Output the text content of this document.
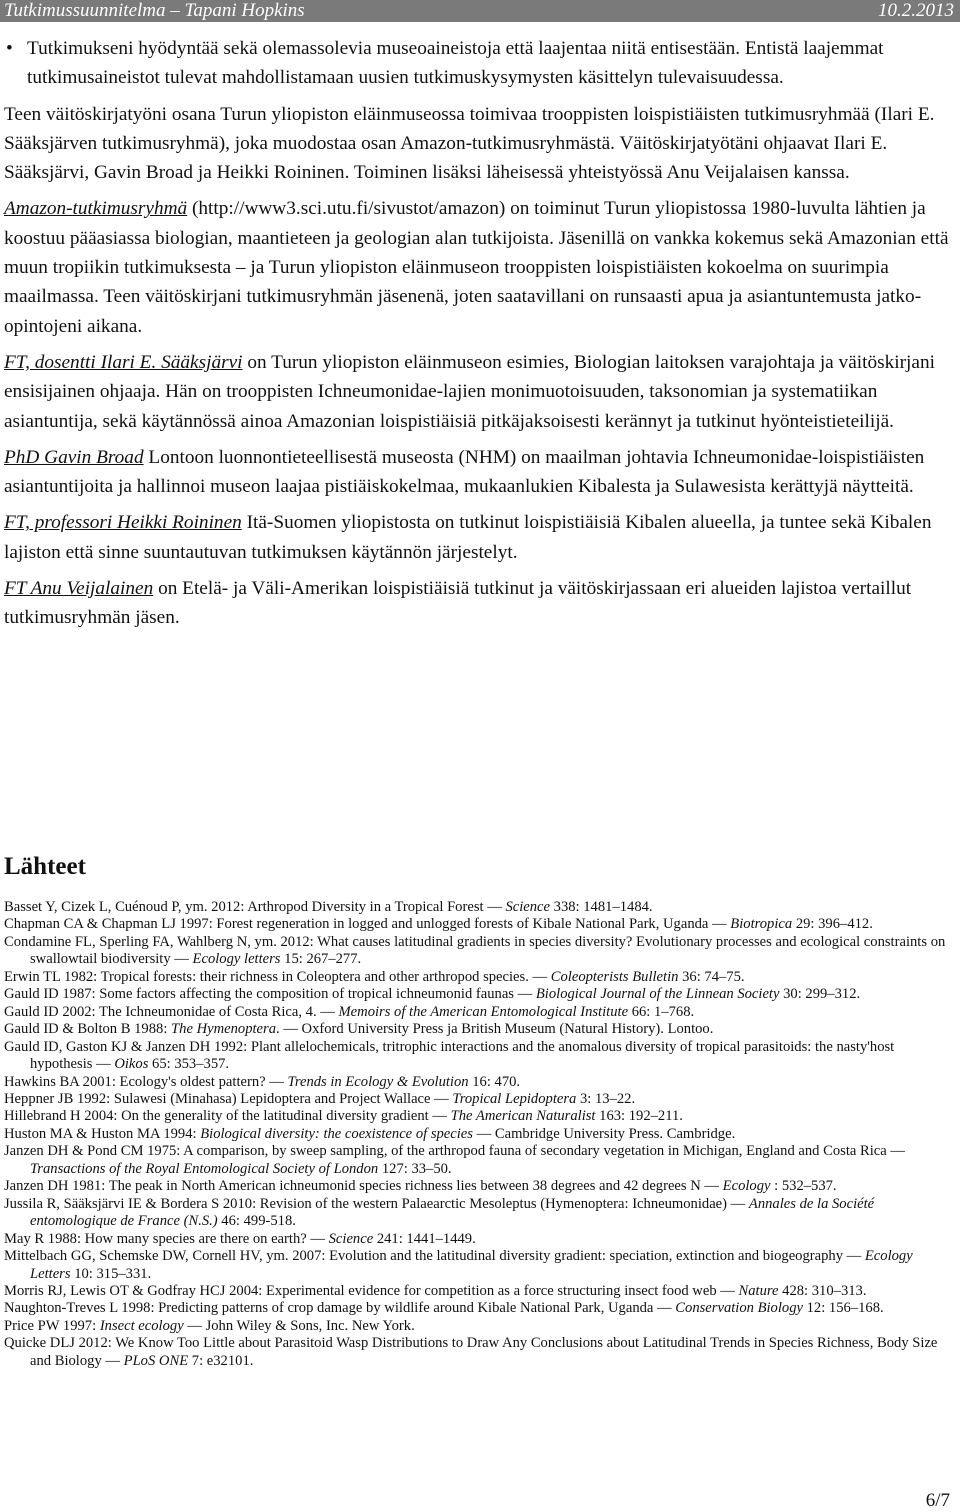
Tutkimussuunnitelma – Tapani Hopkins	10.2.2013

• Tutkimukseni hyödyntää sekä olemassolevia museoaineistoja että laajentaa niitä entisestään. Entistä laajemmat tutkimusaineistot tulevat mahdollistamaan uusien tutkimuskysymysten käsittelyn tulevaisuudessa.

Teen väitöskirjatyöni osana Turun yliopiston eläinmuseossa toimivaa trooppisten loispistiäisten tutkimusryhmää (Ilari E. Sääksjärven tutkimusryhmä), joka muodostaa osan Amazon-tutkimusryhmästä. Väitöskirjatyötäni ohjaavat Ilari E. Sääksjärvi, Gavin Broad ja Heikki Roininen. Toiminen lisäksi läheisessä yhteistyössä Anu Veijalaisen kanssa.

Amazon-tutkimusryhmä (http://www3.sci.utu.fi/sivustot/amazon) on toiminut Turun yliopistossa 1980-luvulta lähtien ja koostuu pääasiassa biologian, maantieteen ja geologian alan tutkijoista. Jäsenillä on vankka kokemus sekä Amazonian että muun tropiikin tutkimuksesta – ja Turun yliopiston eläinmuseon trooppisten loispistiäisten kokoelma on suurimpia maailmassa. Teen väitöskirjani tutkimusryhmän jäsenenä, joten saatavillani on runsaasti apua ja asiantuntemusta jatko-opintojeni aikana.

FT, dosentti Ilari E. Sääksjärvi on Turun yliopiston eläinmuseon esimies, Biologian laitoksen varajohtaja ja väitöskirjani ensisijainen ohjaaja. Hän on trooppisten Ichneumonidae-lajien monimuotoisuuden, taksonomian ja systematiikan asiantuntija, sekä käytännössä ainoa Amazonian loispistiäisiä pitkäjaksoisesti kerännyt ja tutkinut hyönteistieteilijä.

PhD Gavin Broad Lontoon luonnontieteellisestä museosta (NHM) on maailman johtavia Ichneumonidae-loispistiäisten asiantuntijoita ja hallinnoi museon laajaa pistiäiskokelmaa, mukaanlukien Kibalesta ja Sulawesista kerättyjä näytteitä.

FT, professori Heikki Roininen Itä-Suomen yliopistosta on tutkinut loispistiäisiä Kibalen alueella, ja tuntee sekä Kibalen lajiston että sinne suuntautuvan tutkimuksen käytännön järjestelyt.

FT Anu Veijalainen on Etelä- ja Väli-Amerikan loispistiäisiä tutkinut ja väitöskirjassaan eri alueiden lajistoa vertaillut tutkimusryhmän jäsen.

Lähteet

Basset Y, Cizek L, Cuénoud P, ym. 2012: Arthropod Diversity in a Tropical Forest — Science 338: 1481–1484.

Chapman CA & Chapman LJ 1997: Forest regeneration in logged and unlogged forests of Kibale National Park, Uganda — Biotropica 29: 396–412.

Condamine FL, Sperling FA, Wahlberg N, ym. 2012: What causes latitudinal gradients in species diversity? Evolutionary processes and ecological constraints on swallowtail biodiversity — Ecology letters 15: 267–277.

Erwin TL 1982: Tropical forests: their richness in Coleoptera and other arthropod species. — Coleopterists Bulletin 36: 74–75.

Gauld ID 1987: Some factors affecting the composition of tropical ichneumonid faunas — Biological Journal of the Linnean Society 30: 299–312.

Gauld ID 2002: The Ichneumonidae of Costa Rica, 4. — Memoirs of the American Entomological Institute 66: 1–768.

Gauld ID & Bolton B 1988: The Hymenoptera. — Oxford University Press ja British Museum (Natural History). Lontoo.

Gauld ID, Gaston KJ & Janzen DH 1992: Plant allelochemicals, tritrophic interactions and the anomalous diversity of tropical parasitoids: the nasty'host hypothesis — Oikos 65: 353–357.

Hawkins BA 2001: Ecology's oldest pattern? — Trends in Ecology & Evolution 16: 470.

Heppner JB 1992: Sulawesi (Minahasa) Lepidoptera and Project Wallace — Tropical Lepidoptera 3: 13–22.

Hillebrand H 2004: On the generality of the latitudinal diversity gradient — The American Naturalist 163: 192–211.

Huston MA & Huston MA 1994: Biological diversity: the coexistence of species — Cambridge University Press. Cambridge.

Janzen DH & Pond CM 1975: A comparison, by sweep sampling, of the arthropod fauna of secondary vegetation in Michigan, England and Costa Rica — Transactions of the Royal Entomological Society of London 127: 33–50.

Janzen DH 1981: The peak in North American ichneumonid species richness lies between 38 degrees and 42 degrees N — Ecology : 532–537.

Jussila R, Sääksjärvi IE & Bordera S 2010: Revision of the western Palaearctic Mesoleptus (Hymenoptera: Ichneumonidae) — Annales de la Société entomologique de France (N.S.) 46: 499-518.

May R 1988: How many species are there on earth? — Science 241: 1441–1449.

Mittelbach GG, Schemske DW, Cornell HV, ym. 2007: Evolution and the latitudinal diversity gradient: speciation, extinction and biogeography — Ecology Letters 10: 315–331.

Morris RJ, Lewis OT & Godfray HCJ 2004: Experimental evidence for competition as a force structuring insect food web — Nature 428: 310–313.

Naughton-Treves L 1998: Predicting patterns of crop damage by wildlife around Kibale National Park, Uganda — Conservation Biology 12: 156–168.

Price PW 1997: Insect ecology — John Wiley & Sons, Inc. New York.

Quicke DLJ 2012: We Know Too Little about Parasitoid Wasp Distributions to Draw Any Conclusions about Latitudinal Trends in Species Richness, Body Size and Biology — PLoS ONE 7: e32101.

6/7
